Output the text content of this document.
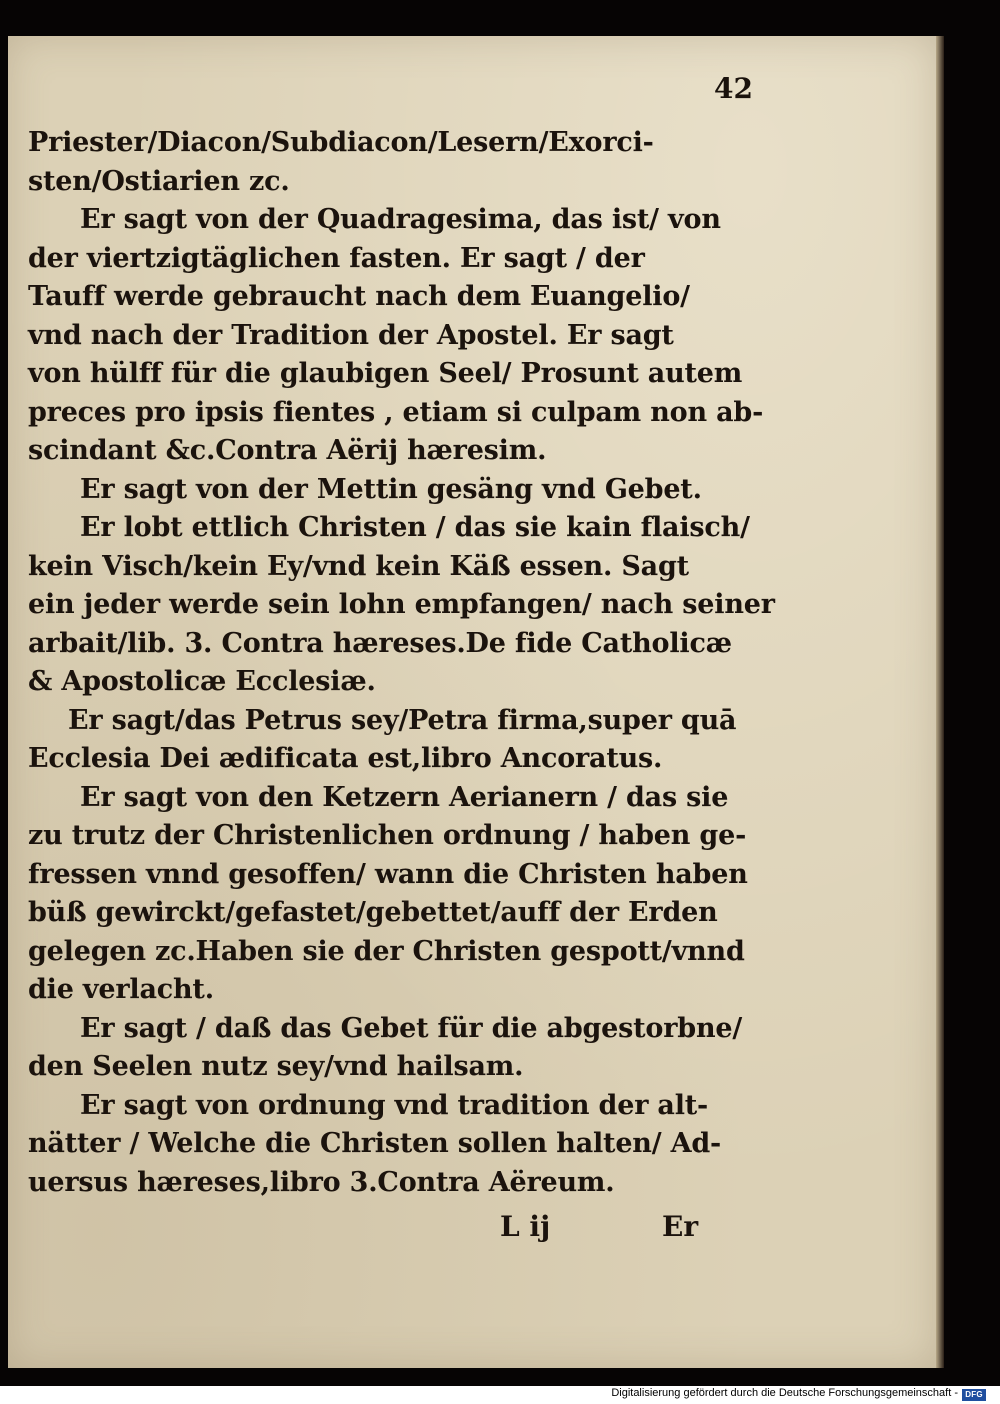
42

Priester/Diacon/Subdiacon/Lesern/Exorci-

sten/Ostiarien zc.

Er sagt von der Quadragesima, das ist/ von

der viertzigtäglichen fasten. Er sagt / der

Tauff werde gebraucht nach dem Euangelio/

vnd nach der Tradition der Apostel. Er sagt

von hülff für die glaubigen Seel/ Prosunt autem

preces pro ipsis fientes , etiam si culpam non ab-

scindant &c.Contra Aërij hæresim.

Er sagt von der Mettin gesäng vnd Gebet.

Er lobt ettlich Christen / das sie kain flaisch/

kein Visch/kein Ey/vnd kein Käß essen. Sagt

ein jeder werde sein lohn empfangen/ nach seiner

arbait/lib. 3. Contra hæreses.De fide Catholicæ

& Apostolicæ Ecclesiæ.

Er sagt/das Petrus sey/Petra firma,super quā

Ecclesia Dei ædificata est,libro Ancoratus.

Er sagt von den Ketzern Aerianern / das sie

zu trutz der Christenlichen ordnung / haben ge-

fressen vnnd gesoffen/ wann die Christen haben

büß gewirckt/gefastet/gebettet/auff der Erden

gelegen zc.Haben sie der Christen gespott/vnnd

die verlacht.

Er sagt / daß das Gebet für die abgestorbne/

den Seelen nutz sey/vnd hailsam.

Er sagt von ordnung vnd tradition der alt-

nätter / Welche die Christen sollen halten/ Ad-

uersus hæreses,libro 3.Contra Aëreum.

L ij	Er

Digitalisierung gefördert durch die Deutsche Forschungsgemeinschaft - DFG
